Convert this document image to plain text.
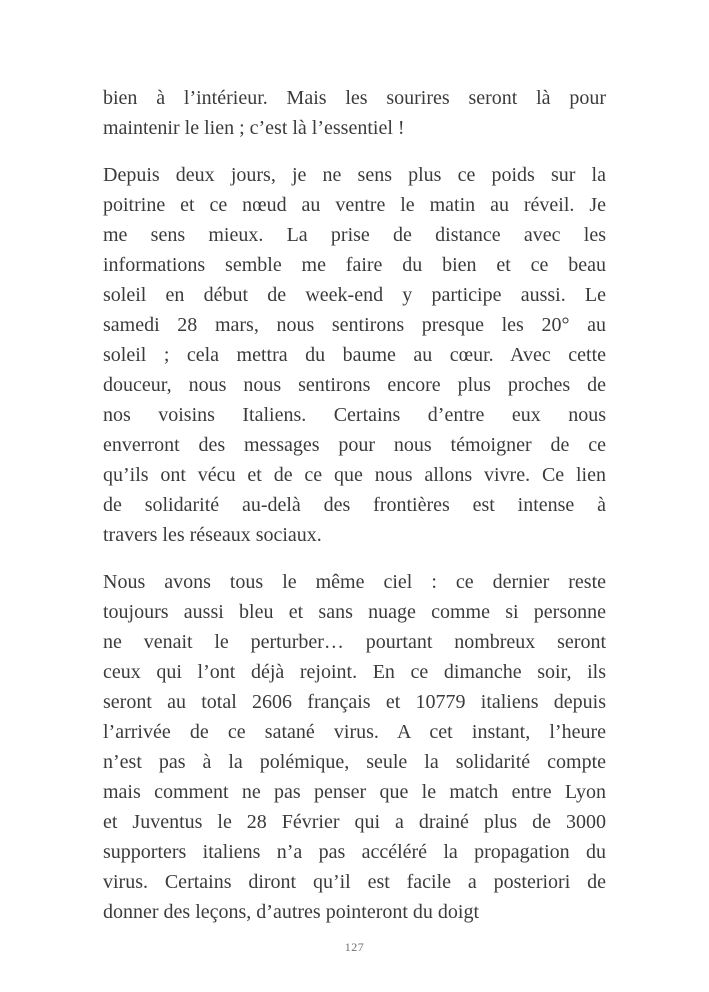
bien à l’intérieur. Mais les sourires seront là pour
maintenir le lien ; c’est là l’essentiel !

Depuis deux jours, je ne sens plus ce poids sur la
poitrine et ce nœud au ventre le matin au réveil. Je
me sens mieux. La prise de distance avec les
informations semble me faire du bien et ce beau
soleil en début de week-end y participe aussi. Le
samedi 28 mars, nous sentirons presque les 20° au
soleil ; cela mettra du baume au cœur. Avec cette
douceur, nous nous sentirons encore plus proches de
nos voisins Italiens. Certains d’entre eux nous
enverront des messages pour nous témoigner de ce
qu’ils ont vécu et de ce que nous allons vivre. Ce lien
de solidarité au-delà des frontières est intense à
travers les réseaux sociaux.

Nous avons tous le même ciel : ce dernier reste
toujours aussi bleu et sans nuage comme si personne
ne venait le perturber… pourtant nombreux seront
ceux qui l’ont déjà rejoint. En ce dimanche soir, ils
seront au total 2606 français et 10779 italiens depuis
l’arrivée de ce satané virus. A cet instant, l’heure
n’est pas à la polémique, seule la solidarité compte
mais comment ne pas penser que le match entre Lyon
et Juventus le 28 Février qui a drainé plus de 3000
supporters italiens n’a pas accéléré la propagation du
virus. Certains diront qu’il est facile a posteriori de
donner des leçons, d’autres pointeront du doigt

127
